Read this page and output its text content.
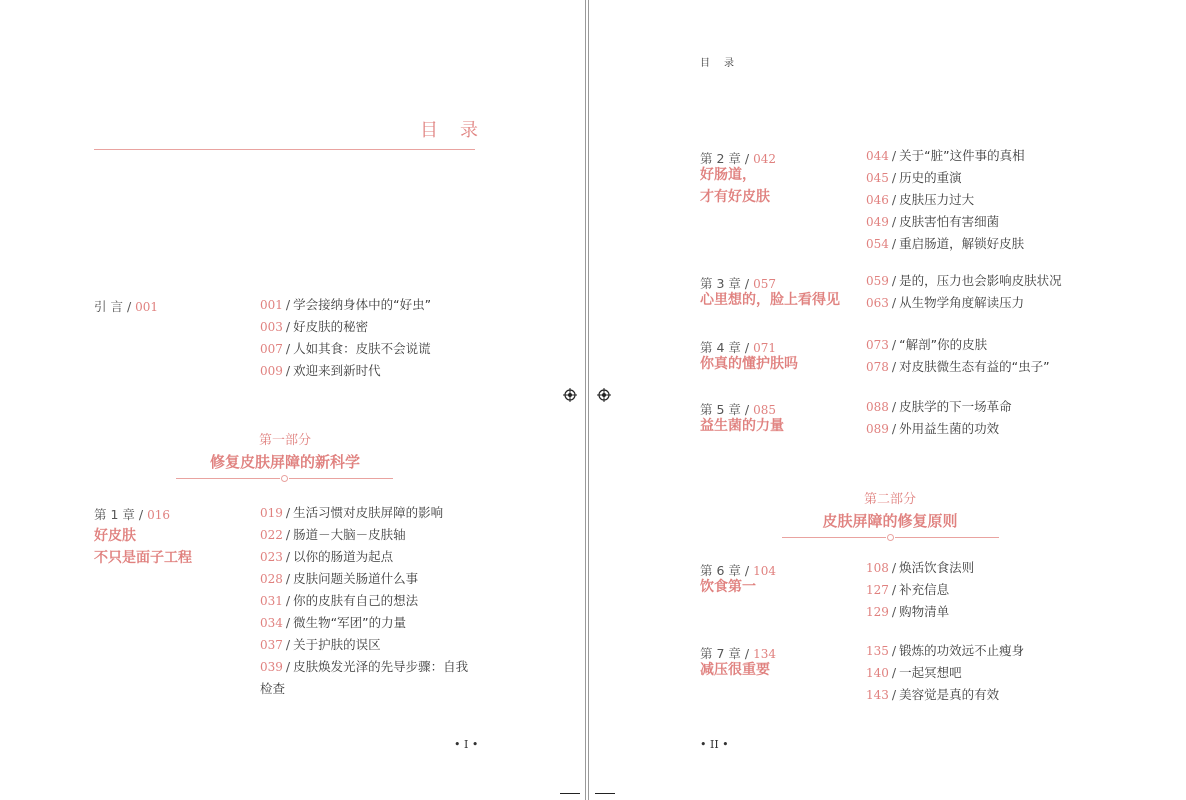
目　录
引 言 / 001	001 / 学会接纳身体中的“好虫”
003 / 好皮肤的秘密
007 / 人如其食：皮肤不会说谎
009 / 欢迎来到新时代
第一部分
修复皮肤屏障的新科学
第 1 章 / 016
好皮肤
不只是面子工程
019 / 生活习惯对皮肤屏障的影响
022 / 肠道－大脑－皮肤轴
023 / 以你的肠道为起点
028 / 皮肤问题关肠道什么事
031 / 你的皮肤有自己的想法
034 / 微生物“军团”的力量
037 / 关于护肤的误区
039 / 皮肤焕发光泽的先导步骤：自我
检查
• I •
目　录
第 2 章 / 042
好肠道，
才有好皮肤
044 / 关于“脏”这件事的真相
045 / 历史的重演
046 / 皮肤压力过大
049 / 皮肤害怕有害细菌
054 / 重启肠道，解锁好皮肤
第 3 章 / 057
心里想的，脸上看得见
059 / 是的，压力也会影响皮肤状况
063 / 从生物学角度解读压力
第 4 章 / 071
你真的懂护肤吗
073 / “解剖”你的皮肤
078 / 对皮肤微生态有益的“虫子”
第 5 章 / 085
益生菌的力量
088 / 皮肤学的下一场革命
089 / 外用益生菌的功效
第二部分
皮肤屏障的修复原则
第 6 章 / 104
饮食第一
108 / 焕活饮食法则
127 / 补充信息
129 / 购物清单
第 7 章 / 134
减压很重要
135 / 锻炼的功效远不止瘦身
140 / 一起冥想吧
143 / 美容觉是真的有效
• II •
